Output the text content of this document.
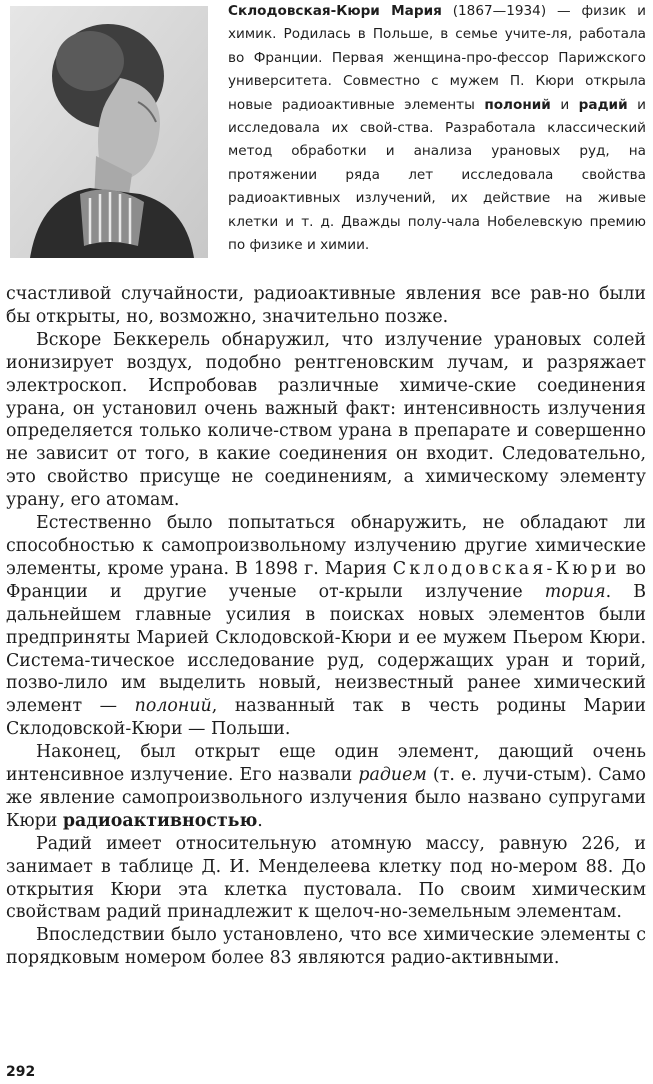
Склодовская-Кюри Мария (1867—1934) — физик и химик. Родилась в Польше, в семье учите-ля, работала во Франции. Первая женщина-про-фессор Парижского университета. Совместно с мужем П. Кюри открыла новые радиоактивные элементы полоний и радий и исследовала их свой-ства. Разработала классический метод обработки и анализа урановых руд, на протяжении ряда лет исследовала свойства радиоактивных излучений, их действие на живые клетки и т. д. Дважды полу-чала Нобелевскую премию по физике и химии.

счастливой случайности, радиоактивные явления все рав-но были бы открыты, но, возможно, значительно позже.

Вскоре Беккерель обнаружил, что излучение урановых солей ионизирует воздух, подобно рентгеновским лучам, и разряжает электроскоп. Испробовав различные химиче-ские соединения урана, он установил очень важный факт: интенсивность излучения определяется только количе-ством урана в препарате и совершенно не зависит от того, в какие соединения он входит. Следовательно, это свойство присуще не соединениям, а химическому элементу урану, его атомам.

Естественно было попытаться обнаружить, не обладают ли способностью к самопроизвольному излучению другие химические элементы, кроме урана. В 1898 г. Мария Склодовская-Кюри во Франции и другие ученые от-крыли излучение тория. В дальнейшем главные усилия в поисках новых элементов были предприняты Марией Склодовской-Кюри и ее мужем Пьером Кюри. Система-тическое исследование руд, содержащих уран и торий, позво-лило им выделить новый, неизвестный ранее химический элемент — полоний, названный так в честь родины Марии Склодовской-Кюри — Польши.

Наконец, был открыт еще один элемент, дающий очень интенсивное излучение. Его назвали радием (т. е. лучи-стым). Само же явление самопроизвольного излучения было названо супругами Кюри радиоактивностью.

Радий имеет относительную атомную массу, равную 226, и занимает в таблице Д. И. Менделеева клетку под но-мером 88. До открытия Кюри эта клетка пустовала. По своим химическим свойствам радий принадлежит к щелоч-но-земельным элементам.

Впоследствии было установлено, что все химические элементы с порядковым номером более 83 являются радио-активными.

292
